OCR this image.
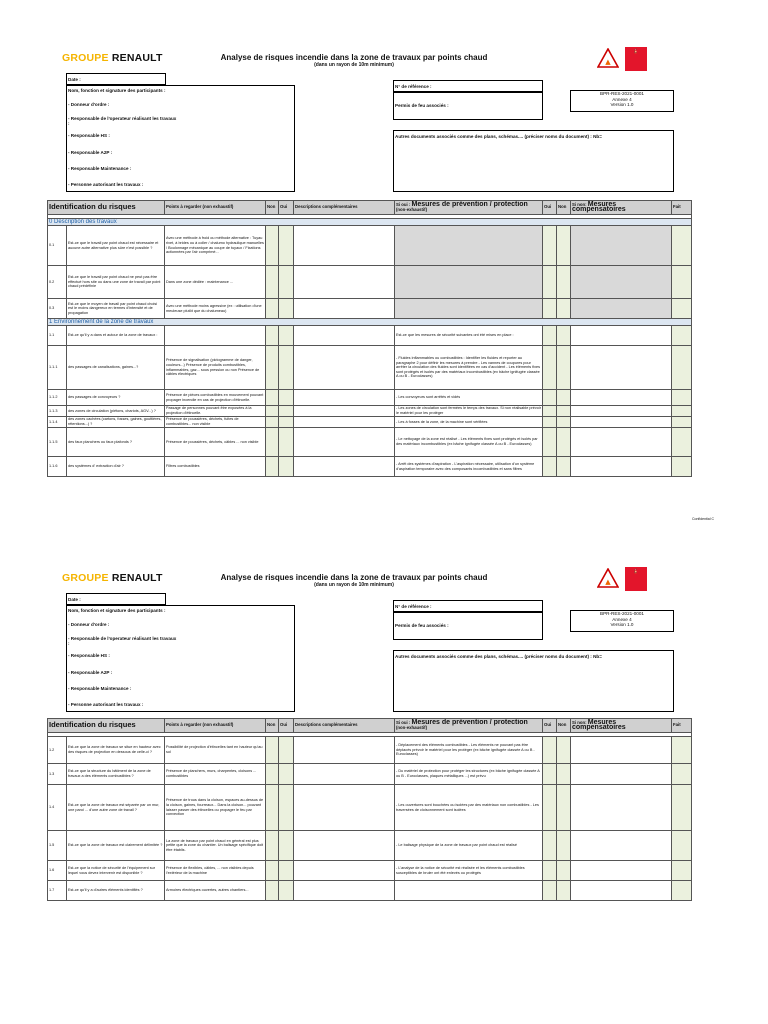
GROUPE RENAULT	Analyse de risques incendie dans la zone de travaux par points chaud
(dans un rayon de 10m minimum)	▲
🧯
Date :
Nom, fonction et signature des participants :
- Donneur d'ordre :
- Responsable de l'operateur réalisant les travaux :
- Responsable HS :
- Responsable A2P :
- Responsable Maintenance :
- Personne autorisant les travaux :
N° de référence :
Permis de feu associés :
BPR-RES-2021-0001
Annexe 4
Version 1.0
Autres documents associés comme des plans, schémas.... (préciser noms du document) : Nb=
Identification du risques		Points à regarder (non exhaustif)	Non	Oui	Descriptions complémentaires	Si oui : Mesures de prévention / protection
(non-exhaustif)	Oui	Non	Si non: Mesures compensatoires	Fait

0 Description des travaux										
0.1	Est-ce que le travail par point chaud est nécessaire et aucune autre alternative plus sûre n'est possible ?	Avec une méthode à froid ou méthode alternative : Tuyau rivet, à brides ou à coller / chalumo hydraulique manuelles / Boulonnage mécanique au coupe de tuyaux / Fixations actionnées par l'air comprimé...								
0.2	Est-ce que le travail par point chaud ne peut pas être effectué hors site ou dans une zone de travail par point chaud prédéfinie	Dans une zone dédiée : maintenance ...								
0.3	Est-ce que le moyen de travail par point chaud choisi est le moins dangereux en termes d'intensité et de propagation	Avec une méthode moins agressive (ex : utilisation d'une meuleuse plutôt que du chalumeau)								
1 Environnement de la zone de travaux										
1.1	Est-ce qu'il y a dans et autour de la zone de travaux :					Est-ce que les mesures de sécurité suivantes ont été mises en place :				
1.1.1	des passages de canalisations, gaines...?	Présence de signalisation (pictogramme de danger, couleurs...) Présence de produits combustibles, inflammables, gaz... sous pression ou non Présence de câbles électriques				- Fluides inflammables ou combustibles : Identifier les fluides et reporter au paragraphe 2 pour définir les mesures à prendre - Les vannes de coupures pour arrêter la circulation des fluides sont identifiées en cas d'accident - Les éléments fixes sont protégés et isolés par des matériaux incombustibles (ex bâche ignifugée classée A ou B - Euroclasses)				
1.1.2	des passages de convoyeurs ?	Présence de pièces combustibles en mouvement pouvant propager incendie en cas de projection d'étincelle.				- Les convoyeurs sont arrêtés et vidés				
1.1.3	des zones de circulation (piétons, chariots, AGV...) ?	Passage de personnes pouvant être exposées à la projection d'étincelle.				- Les zones de circulation sont fermées le temps des travaux. Si non réalisable prévoir le matériel pour les protéger				
1.1.4	des zones cachées (cartons, fosses, gaines, gouttières, rétentions...) ?	Présence de poussières, déchets, fuites de combustibles... non visible				- Les à fosses de la zone, de la machine sont vérifiées				
1.1.5	des faux planchers ou faux plafonds ?	Présence de poussières, déchets, câbles ... non visible				- Le nettoyage de la zone est réalisé - Les éléments fixes sont protégés et isolés par des matériaux incombustibles (ex bâche ignifugée classée A ou B - Euroclasses)				
1.1.6	des systèmes d' extraction d'air ?	Filtres combustibles				- Arrêt des systèmes d'aspiration - L'aspiration nécessaire, utilisation d'un système d'aspiration temporaire avec des composants incombustibles et sans filtres				
GROUPE RENAULT	Analyse de risques incendie dans la zone de travaux par points chaud
(dans un rayon de 10m minimum)	▲
🧯
Date :
Nom, fonction et signature des participants :
- Donneur d'ordre :
- Responsable de l'operateur réalisant les travaux :
- Responsable HS :
- Responsable A2P :
- Responsable Maintenance :
- Personne autorisant les travaux :
N° de référence :
Permis de feu associés :
BPR-RES-2021-0001
Annexe 4
Version 1.0
Autres documents associés comme des plans, schémas.... (préciser noms du document) : Nb=
Identification du risques		Points à regarder (non exhaustif)	Non	Oui	Descriptions complémentaires	Si oui : Mesures de prévention / protection
(non-exhaustif)	Oui	Non	Si non: Mesures compensatoires	Fait

1.2	Est-ce que la zone de travaux se situe en hauteur avec des risques de projection en dessous de celle-ci ?	Possibilité de projection d'étincelles tant en hauteur qu'au sol				- Déplacement des éléments combustibles - Les éléments ne pouvant pas être déplacés prévoir le matériel pour les protéger (ex bâche ignifugée classée A ou B - Euroclasses)				
1.3	Est-ce que la structure du bâtiment de la zone de travaux a des éléments combustibles ?	Présence de planchers, murs, charpentes, cloisons ... combustibles				- Du matériel de protection pour protéger les structures (ex bâche ignifugée classée A ou B - Euroclasses, plaques métalliques ...) est prévu				
1.4	Est-ce que la zone de travaux est séparée par un mur, une paroi ... d'une autre zone de travail ?	Présence de trous dans la cloison, espaces au-dessus de la cloison, gaines, fourreaux... Dans la cloison... pouvant laisser passer des étincelles ou propager le feu par convection				- Les ouvertures sont bouchées ou isolées par des matériaux non combustibles - Les traversées de cloisonnement sont isolées				
1.5	Est-ce que la zone de travaux est clairement délimitée ?	La zone de travaux par point chaud en général est plus petite que la zone du chantier. Un balisage spécifique doit être établis.				- Le balisage physique de la zone de travaux par point chaud est réalisé				
1.6	Est-ce que la notice de sécurité de l'équipement sur lequel vous devez intervenir est disponible ?	Présence de flexibles, câbles, ... non visibles depuis l'extérieur de la machine				- L'analyse de la notice de sécurité est réalisée et les éléments combustibles susceptibles de bruler ont été enlevés ou protégés				
1.7	Est-ce qu'il y a d'autres éléments identifiés ?	Armoires électriques ouvertes, autres chantiers...								
Confidential C
